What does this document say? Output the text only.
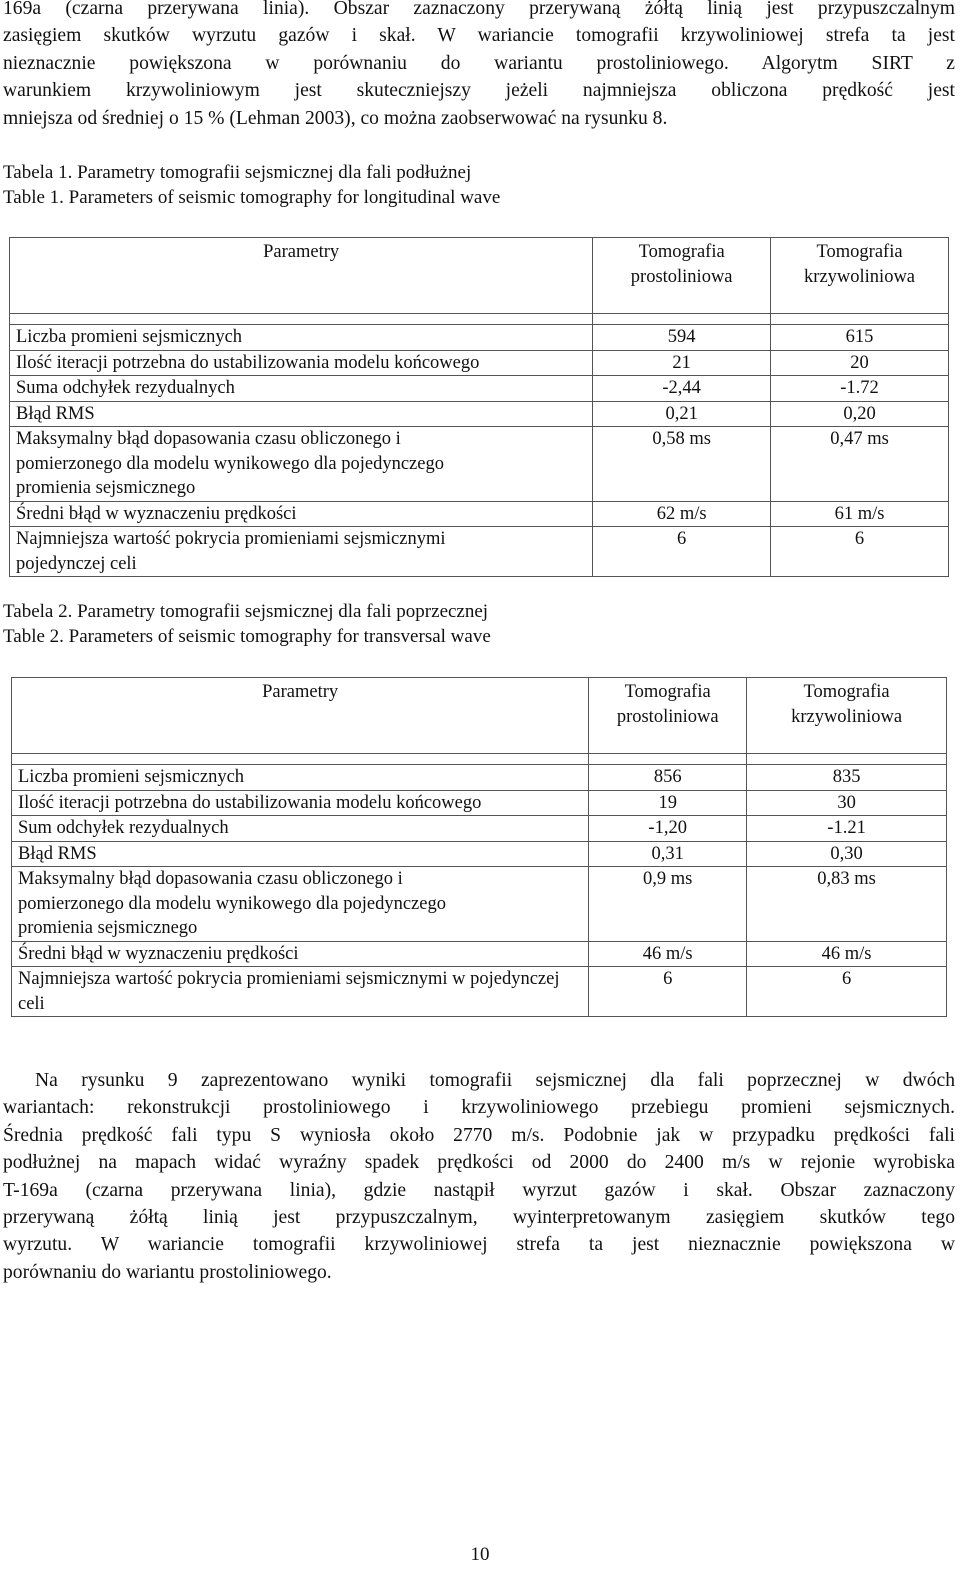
169a (czarna przerywana linia). Obszar zaznaczony przerywaną żółtą linią jest przypuszczalnym
zasięgiem skutków wyrzutu gazów i skał. W wariancie tomografii krzywoliniowej strefa ta jest
nieznacznie powiększona w porównaniu do wariantu prostoliniowego. Algorytm SIRT z
warunkiem krzywoliniowym jest skuteczniejszy jeżeli najmniejsza obliczona prędkość jest
mniejsza od średniej o 15 % (Lehman 2003), co można zaobserwować na rysunku 8.

Tabela 1. Parametry tomografii sejsmicznej dla fali podłużnej

Table 1. Parameters of seismic tomography for longitudinal wave

Parametry	Tomografia prostoliniowa	Tomografia krzywoliniowa

Liczba promieni sejsmicznych	594	615
Ilość iteracji potrzebna do ustabilizowania modelu końcowego	21	20
Suma odchyłek rezydualnych	-2,44	-1.72
Błąd RMS	0,21	0,20
Maksymalny błąd dopasowania czasu obliczonego i pomierzonego dla modelu wynikowego dla pojedynczego promienia sejsmicznego	0,58 ms	0,47 ms
Średni błąd w wyznaczeniu prędkości	62 m/s	61 m/s
Najmniejsza wartość pokrycia promieniami sejsmicznymi pojedynczej celi	6	6

Tabela 2. Parametry tomografii sejsmicznej dla fali poprzecznej

Table 2. Parameters of seismic tomography for transversal wave

Parametry	Tomografia prostoliniowa	Tomografia krzywoliniowa

Liczba promieni sejsmicznych	856	835
Ilość iteracji potrzebna do ustabilizowania modelu końcowego	19	30
Sum odchyłek rezydualnych	-1,20	-1.21
Błąd RMS	0,31	0,30
Maksymalny błąd dopasowania czasu obliczonego i pomierzonego dla modelu wynikowego dla pojedynczego promienia sejsmicznego	0,9 ms	0,83 ms
Średni błąd w wyznaczeniu prędkości	46 m/s	46 m/s
Najmniejsza wartość pokrycia promieniami sejsmicznymi w pojedynczej celi	6	6
Na rysunku 9 zaprezentowano wyniki tomografii sejsmicznej dla fali poprzecznej w dwóch
wariantach: rekonstrukcji prostoliniowego i krzywoliniowego przebiegu promieni sejsmicznych.
Średnia prędkość fali typu S wyniosła około 2770 m/s. Podobnie jak w przypadku prędkości fali
podłużnej na mapach widać wyraźny spadek prędkości od 2000 do 2400 m/s w rejonie wyrobiska
T-169a (czarna przerywana linia), gdzie nastąpił wyrzut gazów i skał. Obszar zaznaczony
przerywaną żółtą linią jest przypuszczalnym, wyinterpretowanym zasięgiem skutków tego
wyrzutu. W wariancie tomografii krzywoliniowej strefa ta jest nieznacznie powiększona w
porównaniu do wariantu prostoliniowego.
10
